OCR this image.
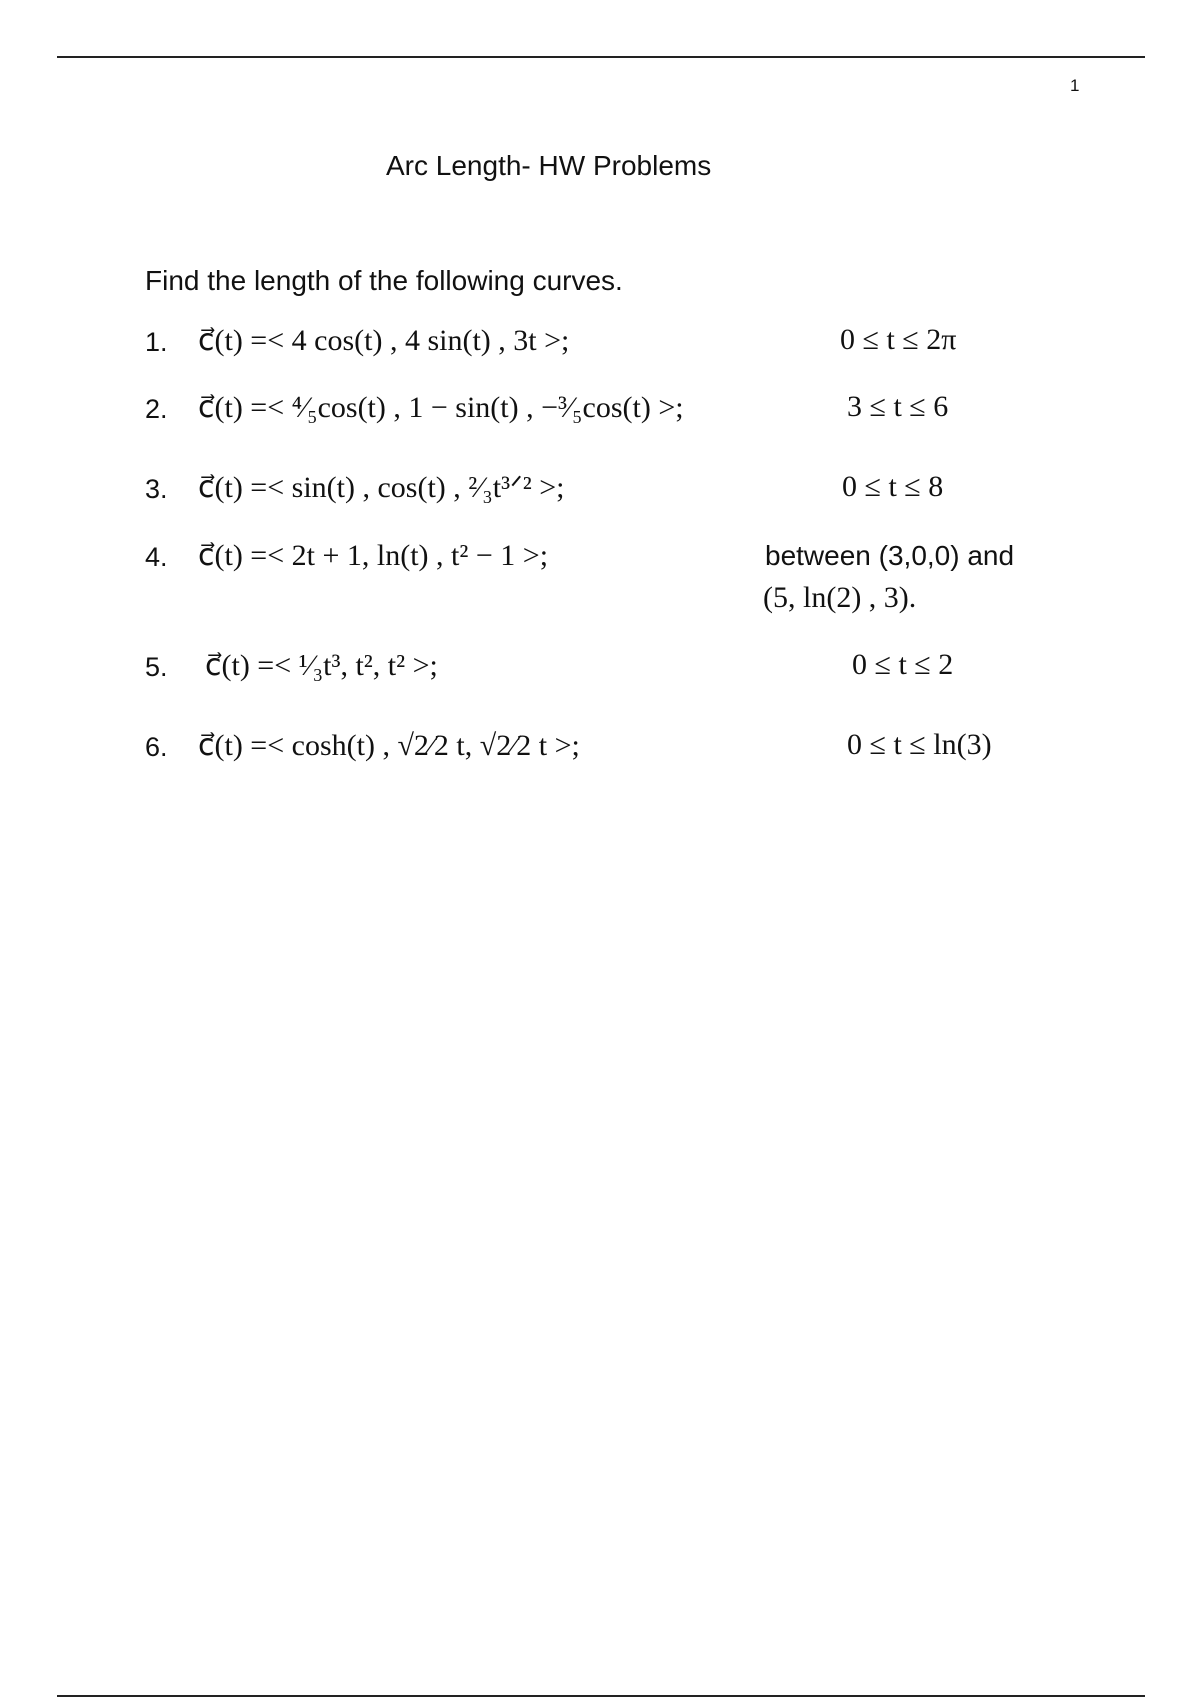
1
Arc Length- HW Problems
Find the length of the following curves.
1. c⃗(t) =< 4 cos(t) , 4 sin(t) , 3t >;	0 ≤ t ≤ 2π
2. c⃗(t) =< ⁴⁄₅cos(t) , 1 − sin(t) , −³⁄₅cos(t) >;	3 ≤ t ≤ 6
3. c⃗(t) =< sin(t) , cos(t) , ²⁄₃t³ᐟ² >;	0 ≤ t ≤ 8
4. c⃗(t) =< 2t + 1, ln(t) , t² − 1 >;	between (3,0,0) and
(5, ln(2) , 3).
5. c⃗(t) =< ¹⁄₃t³, t², t² >;	0 ≤ t ≤ 2
6. c⃗(t) =< cosh(t) , √2⁄2 t, √2⁄2 t >;	0 ≤ t ≤ ln(3)
